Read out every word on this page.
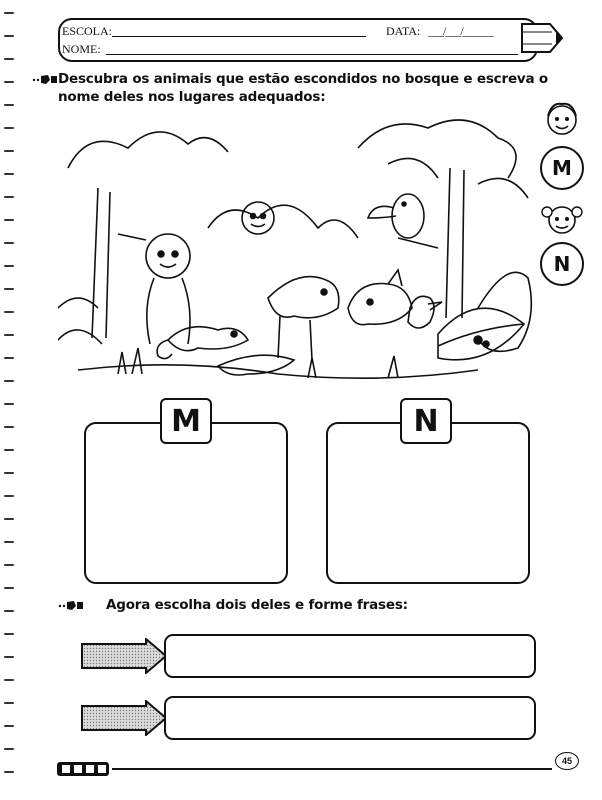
ESCOLA:	DATA: ___/___/______
NOME:
Descubra os animais que estão escondidos no bosque e escreva o nome deles nos lugares adequados:
M
N
M	N
Agora escolha dois deles e forme frases:
45
